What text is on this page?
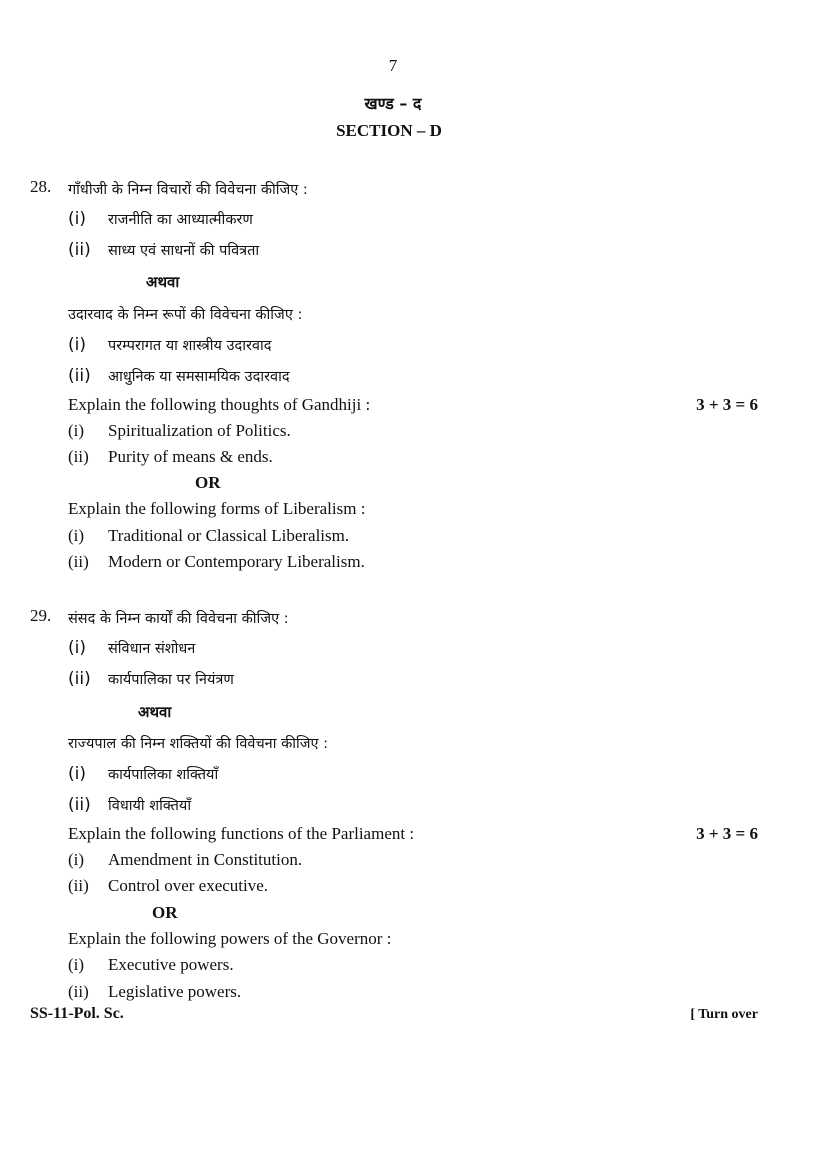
7
खण्ड – द
SECTION – D
28. गाँधीजी के निम्न विचारों की विवेचना कीजिए :
(i) राजनीति का आध्यात्मीकरण
(ii) साध्य एवं साधनों की पवित्रता
अथवा
उदारवाद के निम्न रूपों की विवेचना कीजिए :
(i) परम्परागत या शास्त्रीय उदारवाद
(ii) आधुनिक या समसामयिक उदारवाद
Explain the following thoughts of Gandhiji :	3 + 3 = 6
(i) Spiritualization of Politics.
(ii) Purity of means & ends.
OR
Explain the following forms of Liberalism :
(i) Traditional or Classical Liberalism.
(ii) Modern or Contemporary Liberalism.
29. संसद के निम्न कार्यों की विवेचना कीजिए :
(i) संविधान संशोधन
(ii) कार्यपालिका पर नियंत्रण
अथवा
राज्यपाल की निम्न शक्तियों की विवेचना कीजिए :
(i) कार्यपालिका शक्तियाँ
(ii) विधायी शक्तियाँ
Explain the following functions of the Parliament :	3 + 3 = 6
(i) Amendment in Constitution.
(ii) Control over executive.
OR
Explain the following powers of the Governor :
(i) Executive powers.
(ii) Legislative powers.
SS-11-Pol. Sc.	[ Turn over
